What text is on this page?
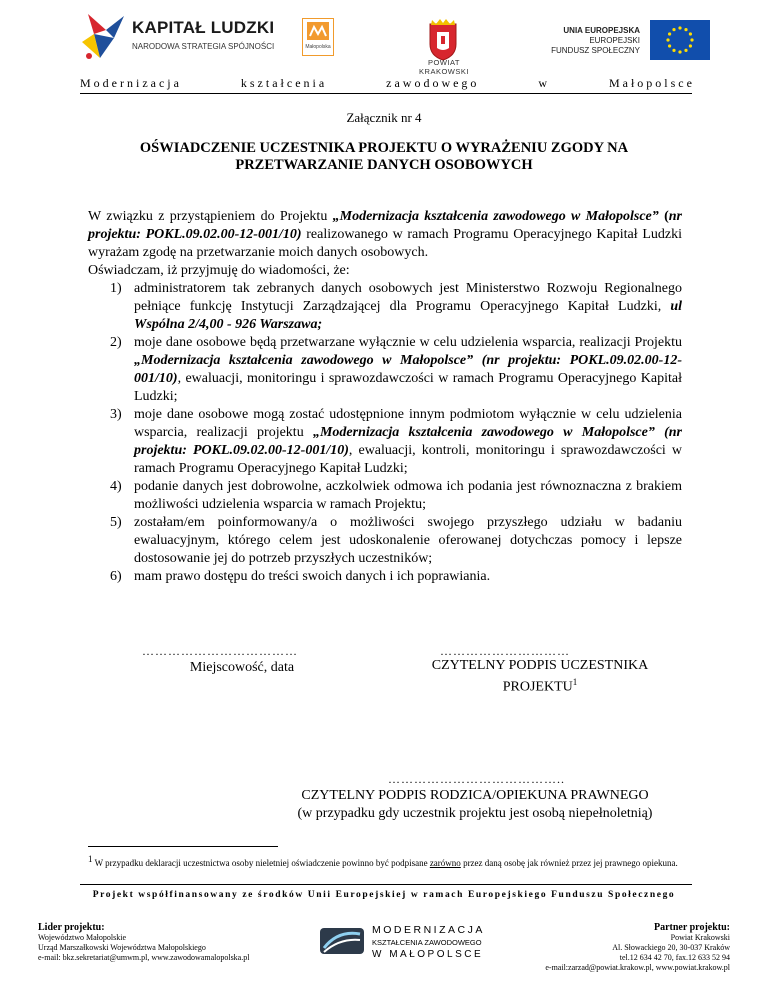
KAPITAŁ LUDZKI
NARODOWA STRATEGIA SPÓJNOŚCI	Małopolska
POWIAT
KRAKOWSKI
UNIA EUROPEJSKA
EUROPEJSKI
FUNDUSZ SPOŁECZNY
M o d e r n i z a c j a	k s z t a ł c e n i a	z a w o d o w e g o	w	M a ł o p o l s c e
Załącznik nr 4
OŚWIADCZENIE UCZESTNIKA PROJEKTU O WYRAŻENIU ZGODY NA
PRZETWARZANIE DANYCH OSOBOWYCH

W związku z przystąpieniem do Projektu „Modernizacja kształcenia zawodowego w Małopolsce” (nr projektu: POKL.09.02.00-12-001/10) realizowanego w ramach Programu Operacyjnego Kapitał Ludzki wyrażam zgodę na przetwarzanie moich danych osobowych.

Oświadczam, iż przyjmuję do wiadomości, że:

1) administratorem tak zebranych danych osobowych jest Ministerstwo Rozwoju Regionalnego pełniące funkcję Instytucji Zarządzającej dla Programu Operacyjnego Kapitał Ludzki, ul Wspólna 2/4,00 - 926 Warszawa;
2) moje dane osobowe będą przetwarzane wyłącznie w celu udzielenia wsparcia, realizacji Projektu „Modernizacja kształcenia zawodowego w Małopolsce” (nr projektu: POKL.09.02.00-12-001/10), ewaluacji, monitoringu i sprawozdawczości w ramach Programu Operacyjnego Kapitał Ludzki;
3) moje dane osobowe mogą zostać udostępnione innym podmiotom wyłącznie w celu udzielenia wsparcia, realizacji projektu „Modernizacja kształcenia zawodowego w Małopolsce” (nr projektu: POKL.09.02.00-12-001/10), ewaluacji, kontroli, monitoringu i sprawozdawczości w ramach Programu Operacyjnego Kapitał Ludzki;
4) podanie danych jest dobrowolne, aczkolwiek odmowa ich podania jest równoznaczna z brakiem możliwości udzielenia wsparcia w ramach Projektu;
5) zostałam/em poinformowany/a o możliwości swojego przyszłego udziału w badaniu ewaluacyjnym, którego celem jest udoskonalenie oferowanej dotychczas pomocy i lepsze dostosowanie jej do potrzeb przyszłych uczestników;
6) mam prawo dostępu do treści swoich danych i ich poprawiania.
………………………………
Miejscowość, data
…………………………
CZYTELNY PODPIS UCZESTNIKA
PROJEKTU$^1$
…………………………………..
CZYTELNY PODPIS RODZICA/OPIEKUNA PRAWNEGO
(w przypadku gdy uczestnik projektu jest osobą niepełnoletnią)
$^1$ W przypadku deklaracji uczestnictwa osoby nieletniej oświadczenie powinno być podpisane zarówno przez daną osobę jak również przez jej prawnego opiekuna.
Projekt współfinansowany ze środków Unii Europejskiej w ramach Europejskiego Funduszu Społecznego
Lider projektu:
Województwo Małopolskie
Urząd Marszałkowski Województwa Małopolskiego
e-mail: bkz.sekretariat@umwm.pl, www.zawodowamalopolska.pl
MODERNIZACJA
KSZTAŁCENIA ZAWODOWEGO
W MAŁOPOLSCE
Partner projektu:
Powiat Krakowski
Al. Słowackiego 20, 30-037 Kraków
tel.12 634 42 70, fax.12 633 52 94
e-mail:zarzad@powiat.krakow.pl, www.powiat.krakow.pl
